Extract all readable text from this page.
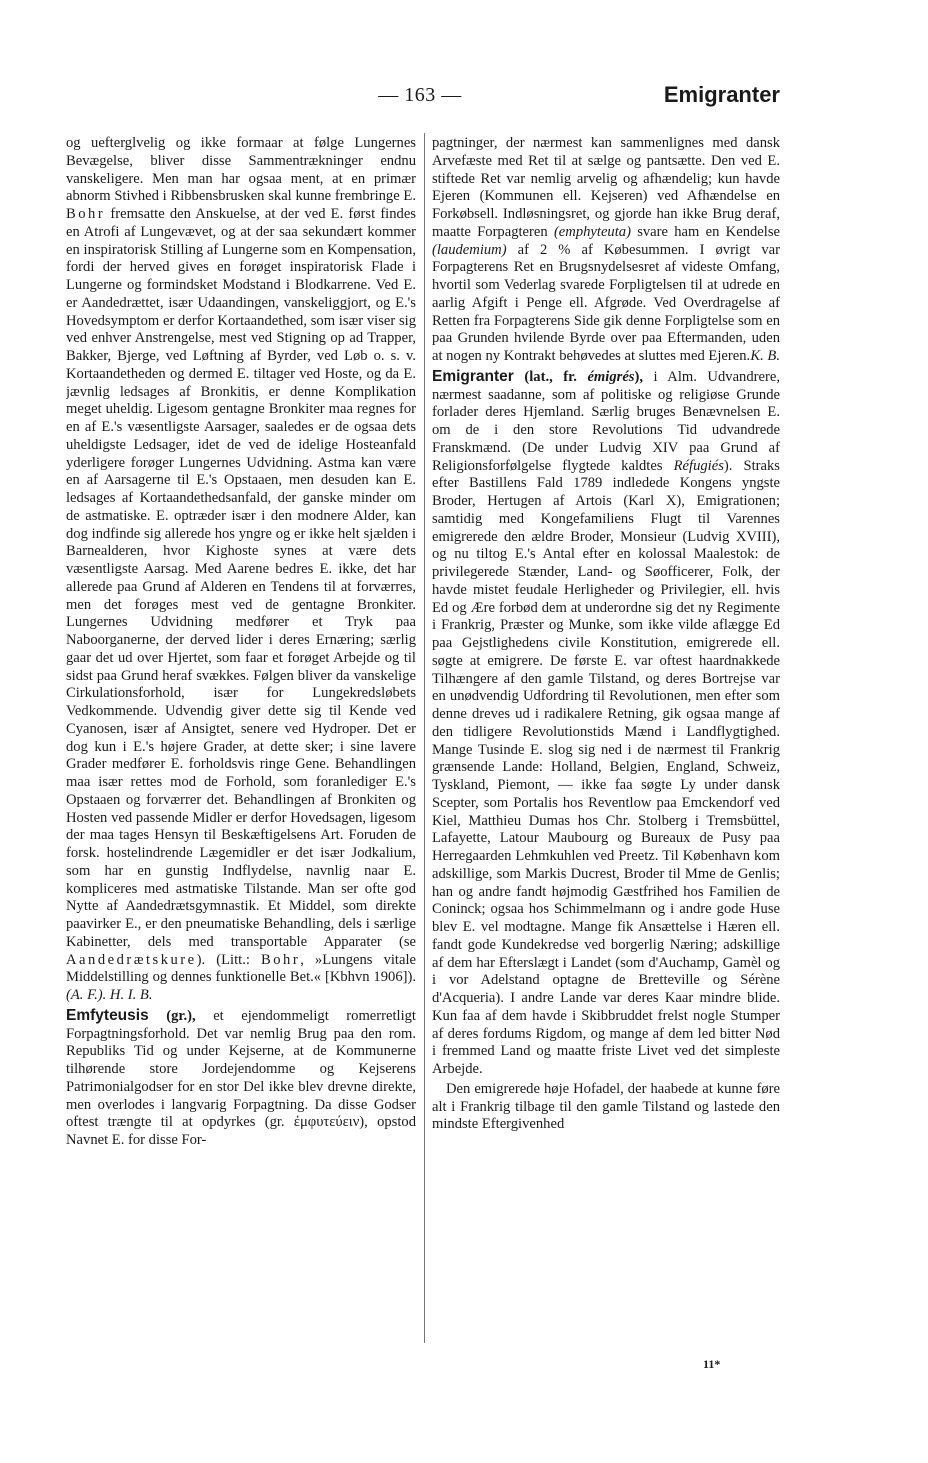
— 163 —	Emigranter

og uefterglvelig og ikke formaar at følge Lungernes Bevægelse, bliver disse Sammentrækninger endnu vanskeligere. Men man har ogsaa ment, at en primær abnorm Stivhed i Ribbensbrusken skal kunne frembringe E. Bohr fremsatte den Anskuelse, at der ved E. først findes en Atrofi af Lungevævet, og at der saa sekundært kommer en inspiratorisk Stilling af Lungerne som en Kompensation, fordi der herved gives en forøget inspiratorisk Flade i Lungerne og formindsket Modstand i Blodkarrene. Ved E. er Aandedrættet, især Udaandingen, vanskeliggjort, og E.'s Hovedsymptom er derfor Kortaandethed, som især viser sig ved enhver Anstrengelse, mest ved Stigning op ad Trapper, Bakker, Bjerge, ved Løftning af Byrder, ved Løb o. s. v. Kortaandetheden og dermed E. tiltager ved Hoste, og da E. jævnlig ledsages af Bronkitis, er denne Komplikation meget uheldig. Ligesom gentagne Bronkiter maa regnes for en af E.'s væsentligste Aarsager, saaledes er de ogsaa dets uheldigste Ledsager, idet de ved de idelige Hosteanfald yderligere forøger Lungernes Udvidning. Astma kan være en af Aarsagerne til E.'s Opstaaen, men desuden kan E. ledsages af Kortaandethedsanfald, der ganske minder om de astmatiske. E. optræder især i den modnere Alder, kan dog indfinde sig allerede hos yngre og er ikke helt sjælden i Barnealderen, hvor Kighoste synes at være dets væsentligste Aarsag. Med Aarene bedres E. ikke, det har allerede paa Grund af Alderen en Tendens til at forværres, men det forøges mest ved de gentagne Bronkiter. Lungernes Udvidning medfører et Tryk paa Naboorganerne, der derved lider i deres Ernæring; særlig gaar det ud over Hjertet, som faar et forøget Arbejde og til sidst paa Grund heraf svækkes. Følgen bliver da vanskelige Cirkulationsforhold, især for Lungekredsløbets Vedkommende. Udvendig giver dette sig til Kende ved Cyanosen, især af Ansigtet, senere ved Hydroper. Det er dog kun i E.'s højere Grader, at dette sker; i sine lavere Grader medfører E. forholdsvis ringe Gene. Behandlingen maa især rettes mod de Forhold, som foranlediger E.'s Opstaaen og forværrer det. Behandlingen af Bronkiten og Hosten ved passende Midler er derfor Hovedsagen, ligesom der maa tages Hensyn til Beskæftigelsens Art. Foruden de forsk. hostelindrende Lægemidler er det især Jodkalium, som har en gunstig Indflydelse, navnlig naar E. kompliceres med astmatiske Tilstande. Man ser ofte god Nytte af Aandedrætsgymnastik. Et Middel, som direkte paavirker E., er den pneumatiske Behandling, dels i særlige Kabinetter, dels med transportable Apparater (se Aandedrætskure). (Litt.: Bohr, »Lungens vitale Middelstilling og dennes funktionelle Bet.« [Kbhvn 1906]). (A. F.). H. I. B.

Emfyteusis (gr.), et ejendommeligt romerretligt Forpagtningsforhold. Det var nemlig Brug paa den rom. Republiks Tid og under Kejserne, at de Kommunerne tilhørende store Jordejendomme og Kejserens Patrimonialgodser for en stor Del ikke blev drevne direkte, men overlodes i langvarig Forpagtning. Da disse Godser oftest trængte til at opdyrkes (gr. ἐμφυτεύειν), opstod Navnet E. for disse For-

pagtninger, der nærmest kan sammenlignes med dansk Arvefæste med Ret til at sælge og pantsætte. Den ved E. stiftede Ret var nemlig arvelig og afhændelig; kun havde Ejeren (Kommunen ell. Kejseren) ved Afhændelse en Forkøbsell. Indløsningsret, og gjorde han ikke Brug deraf, maatte Forpagteren (emphyteuta) svare ham en Kendelse (laudemium) af 2 % af Købesummen. I øvrigt var Forpagterens Ret en Brugsnydelsesret af videste Omfang, hvortil som Vederlag svarede Forpligtelsen til at udrede en aarlig Afgift i Penge ell. Afgrøde. Ved Overdragelse af Retten fra Forpagterens Side gik denne Forpligtelse som en paa Grunden hvilende Byrde over paa Eftermanden, uden at nogen ny Kontrakt behøvedes at sluttes med Ejeren. K. B.

Emigranter (lat., fr. émigrés), i Alm. Udvandrere, nærmest saadanne, som af politiske og religiøse Grunde forlader deres Hjemland. Særlig bruges Benævnelsen E. om de i den store Revolutions Tid udvandrede Franskmænd. (De under Ludvig XIV paa Grund af Religionsforfølgelse flygtede kaldtes Réfugiés). Straks efter Bastillens Fald 1789 indledede Kongens yngste Broder, Hertugen af Artois (Karl X), Emigrationen; samtidig med Kongefamiliens Flugt til Varennes emigrerede den ældre Broder, Monsieur (Ludvig XVIII), og nu tiltog E.'s Antal efter en kolossal Maalestok: de privilegerede Stænder, Land- og Søofficerer, Folk, der havde mistet feudale Herligheder og Privilegier, ell. hvis Ed og Ære forbød dem at underordne sig det ny Regimente i Frankrig, Præster og Munke, som ikke vilde aflægge Ed paa Gejstlighedens civile Konstitution, emigrerede ell. søgte at emigrere. De første E. var oftest haardnakkede Tilhængere af den gamle Tilstand, og deres Bortrejse var en unødvendig Udfordring til Revolutionen, men efter som denne dreves ud i radikalere Retning, gik ogsaa mange af den tidligere Revolutionstids Mænd i Landflygtighed. Mange Tusinde E. slog sig ned i de nærmest til Frankrig grænsende Lande: Holland, Belgien, England, Schweiz, Tyskland, Piemont, — ikke faa søgte Ly under dansk Scepter, som Portalis hos Reventlow paa Emckendorf ved Kiel, Matthieu Dumas hos Chr. Stolberg i Tremsbüttel, Lafayette, Latour Maubourg og Bureaux de Pusy paa Herregaarden Lehmkuhlen ved Preetz. Til København kom adskillige, som Markis Ducrest, Broder til Mme de Genlis; han og andre fandt højmodig Gæstfrihed hos Familien de Coninck; ogsaa hos Schimmelmann og i andre gode Huse blev E. vel modtagne. Mange fik Ansættelse i Hæren ell. fandt gode Kundekredse ved borgerlig Næring; adskillige af dem har Efterslægt i Landet (som d'Auchamp, Gamèl og i vor Adelstand optagne de Bretteville og Sérène d'Acqueria). I andre Lande var deres Kaar mindre blide. Kun faa af dem havde i Skibbruddet frelst nogle Stumper af deres fordums Rigdom, og mange af dem led bitter Nød i fremmed Land og maatte friste Livet ved det simpleste Arbejde.

Den emigrerede høje Hofadel, der haabede at kunne føre alt i Frankrig tilbage til den gamle Tilstand og lastede den mindste Eftergivenhed

11*
